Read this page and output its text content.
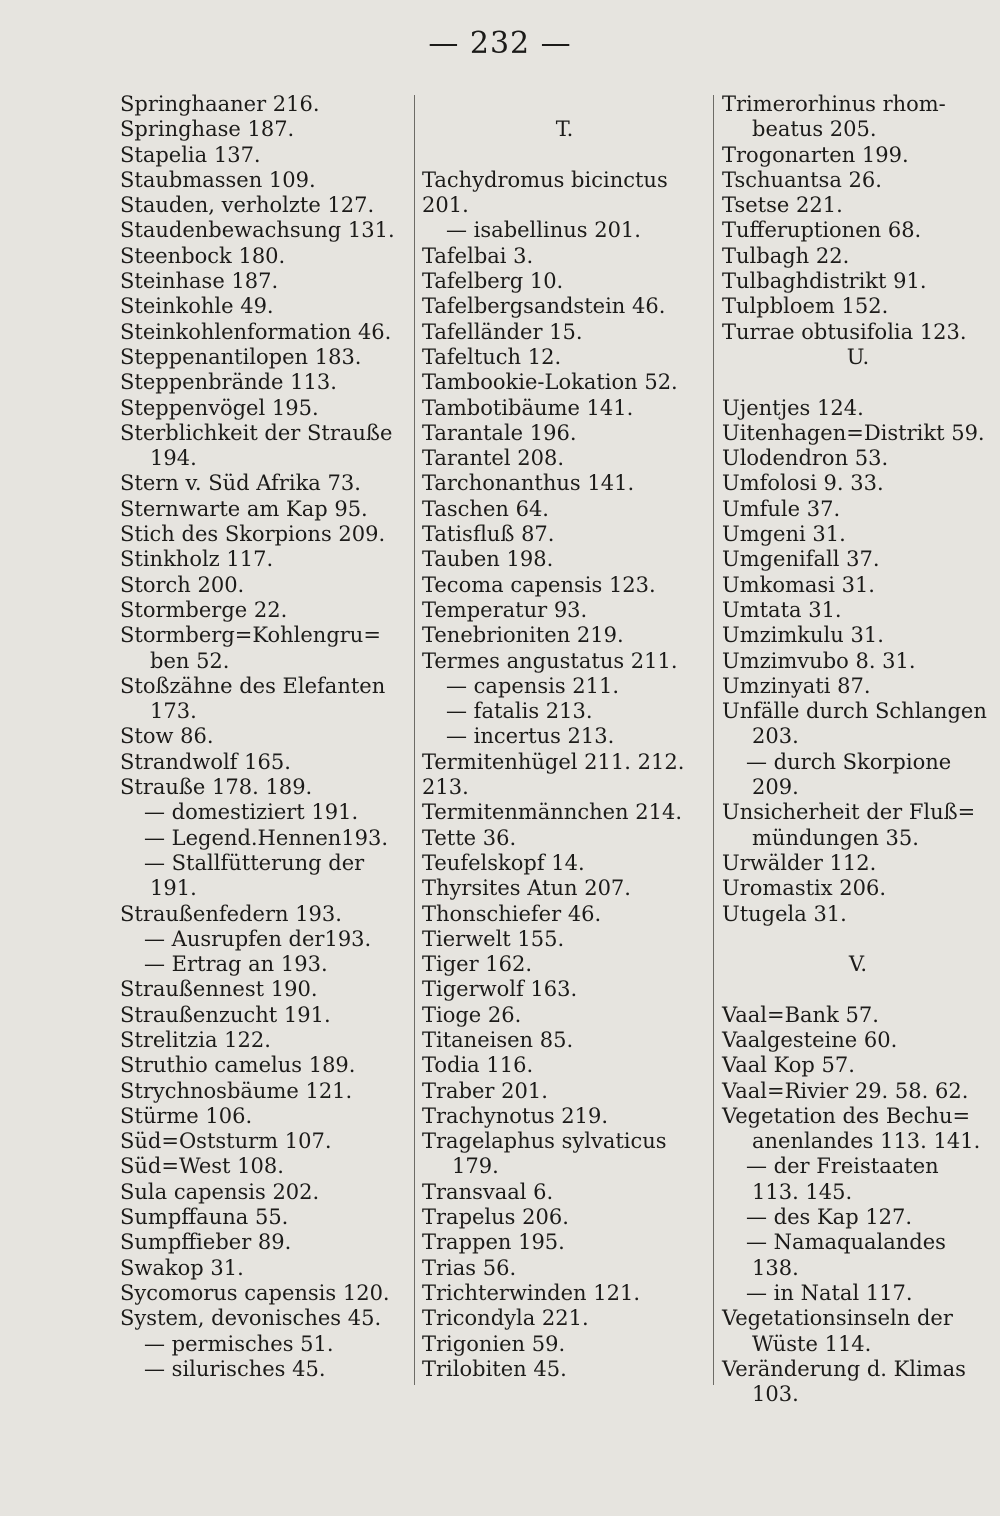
— 232 —
Springhaaner 216.
Springhase 187.
Stapelia 137.
Staubmassen 109.
Stauden, verholzte 127.
Staudenbewachsung 131.
Steenbock 180.
Steinhase 187.
Steinkohle 49.
Steinkohlenformation 46.
Steppenantilopen 183.
Steppenbrände 113.
Steppenvögel 195.
Sterblichkeit der Strauße
194.
Stern v. Süd Afrika 73.
Sternwarte am Kap 95.
Stich des Skorpions 209.
Stinkholz 117.
Storch 200.
Stormberge 22.
Stormberg=Kohlengru=
ben 52.
Stoßzähne des Elefanten
173.
Stow 86.
Strandwolf 165.
Strauße 178. 189.
— domestiziert 191.
— Legend.Hennen193.
— Stallfütterung der
191.
Straußenfedern 193.
— Ausrupfen der193.
— Ertrag an 193.
Straußennest 190.
Straußenzucht 191.
Strelitzia 122.
Struthio camelus 189.
Strychnosbäume 121.
Stürme 106.
Süd=Oststurm 107.
Süd=West 108.
Sula capensis 202.
Sumpffauna 55.
Sumpffieber 89.
Swakop 31.
Sycomorus capensis 120.
System, devonisches 45.
— permisches 51.
— silurisches 45.
T.
Tachydromus bicinctus
201.
— isabellinus 201.
Tafelbai 3.
Tafelberg 10.
Tafelbergsandstein 46.
Tafelländer 15.
Tafeltuch 12.
Tambookie-Lokation 52.
Tambotibäume 141.
Tarantale 196.
Tarantel 208.
Tarchonanthus 141.
Taschen 64.
Tatisfluß 87.
Tauben 198.
Tecoma capensis 123.
Temperatur 93.
Tenebrioniten 219.
Termes angustatus 211.
— capensis 211.
— fatalis 213.
— incertus 213.
Termitenhügel 211. 212.
213.
Termitenmännchen 214.
Tette 36.
Teufelskopf 14.
Thyrsites Atun 207.
Thonschiefer 46.
Tierwelt 155.
Tiger 162.
Tigerwolf 163.
Tioge 26.
Titaneisen 85.
Todia 116.
Traber 201.
Trachynotus 219.
Tragelaphus sylvaticus
179.
Transvaal 6.
Trapelus 206.
Trappen 195.
Trias 56.
Trichterwinden 121.
Tricondyla 221.
Trigonien 59.
Trilobiten 45.
Trimerorhinus rhom-
beatus 205.
Trogonarten 199.
Tschuantsa 26.
Tsetse 221.
Tufferuptionen 68.
Tulbagh 22.
Tulbaghdistrikt 91.
Tulpbloem 152.
Turrae obtusifolia 123.
U.
Ujentjes 124.
Uitenhagen=Distrikt 59.
Ulodendron 53.
Umfolosi 9. 33.
Umfule 37.
Umgeni 31.
Umgenifall 37.
Umkomasi 31.
Umtata 31.
Umzimkulu 31.
Umzimvubo 8. 31.
Umzinyati 87.
Unfälle durch Schlangen
203.
— durch Skorpione
209.
Unsicherheit der Fluß=
mündungen 35.
Urwälder 112.
Uromastix 206.
Utugela 31.
V.
Vaal=Bank 57.
Vaalgesteine 60.
Vaal Kop 57.
Vaal=Rivier 29. 58. 62.
Vegetation des Bechu=
anenlandes 113. 141.
— der Freistaaten
113. 145.
— des Kap 127.
— Namaqualandes
138.
— in Natal 117.
Vegetationsinseln der
Wüste 114.
Veränderung d. Klimas
103.
